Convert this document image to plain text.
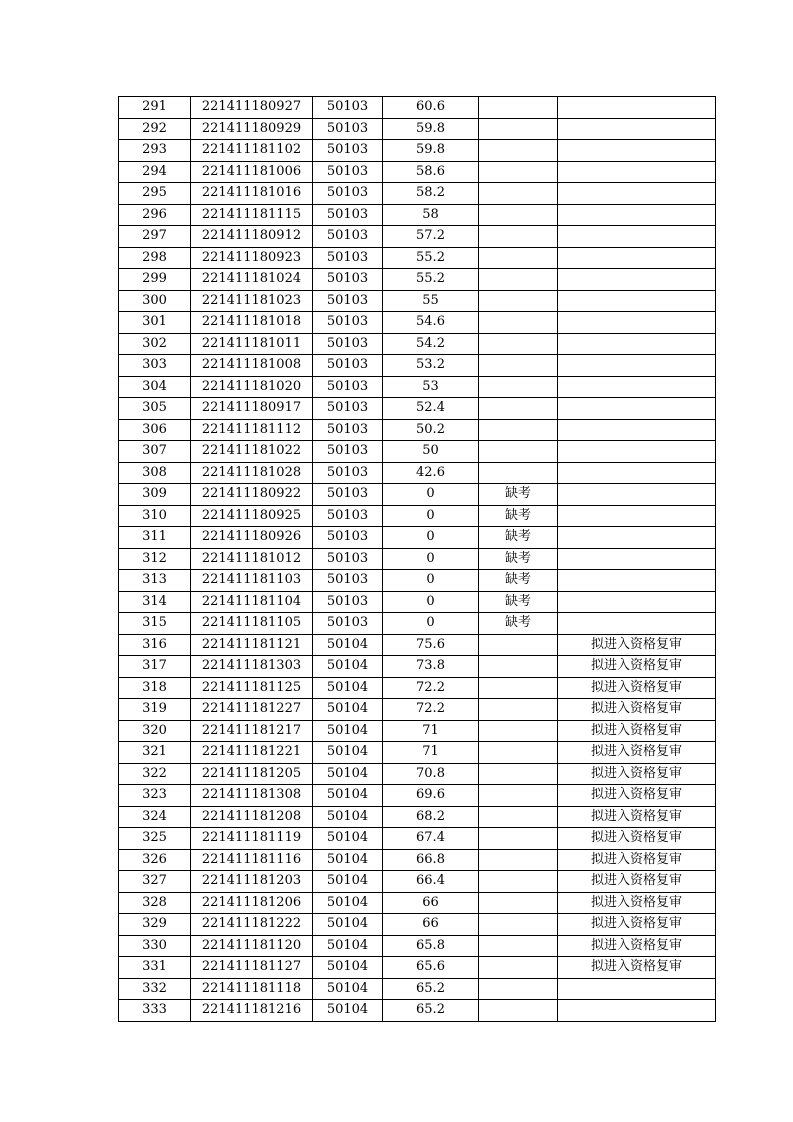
291	221411180927	50103	60.6		
292	221411180929	50103	59.8		
293	221411181102	50103	59.8		
294	221411181006	50103	58.6		
295	221411181016	50103	58.2		
296	221411181115	50103	58		
297	221411180912	50103	57.2		
298	221411180923	50103	55.2		
299	221411181024	50103	55.2		
300	221411181023	50103	55		
301	221411181018	50103	54.6		
302	221411181011	50103	54.2		
303	221411181008	50103	53.2		
304	221411181020	50103	53		
305	221411180917	50103	52.4		
306	221411181112	50103	50.2		
307	221411181022	50103	50		
308	221411181028	50103	42.6		
309	221411180922	50103	0	缺考	
310	221411180925	50103	0	缺考	
311	221411180926	50103	0	缺考	
312	221411181012	50103	0	缺考	
313	221411181103	50103	0	缺考	
314	221411181104	50103	0	缺考	
315	221411181105	50103	0	缺考	
316	221411181121	50104	75.6		拟进入资格复审
317	221411181303	50104	73.8		拟进入资格复审
318	221411181125	50104	72.2		拟进入资格复审
319	221411181227	50104	72.2		拟进入资格复审
320	221411181217	50104	71		拟进入资格复审
321	221411181221	50104	71		拟进入资格复审
322	221411181205	50104	70.8		拟进入资格复审
323	221411181308	50104	69.6		拟进入资格复审
324	221411181208	50104	68.2		拟进入资格复审
325	221411181119	50104	67.4		拟进入资格复审
326	221411181116	50104	66.8		拟进入资格复审
327	221411181203	50104	66.4		拟进入资格复审
328	221411181206	50104	66		拟进入资格复审
329	221411181222	50104	66		拟进入资格复审
330	221411181120	50104	65.8		拟进入资格复审
331	221411181127	50104	65.6		拟进入资格复审
332	221411181118	50104	65.2		
333	221411181216	50104	65.2		
